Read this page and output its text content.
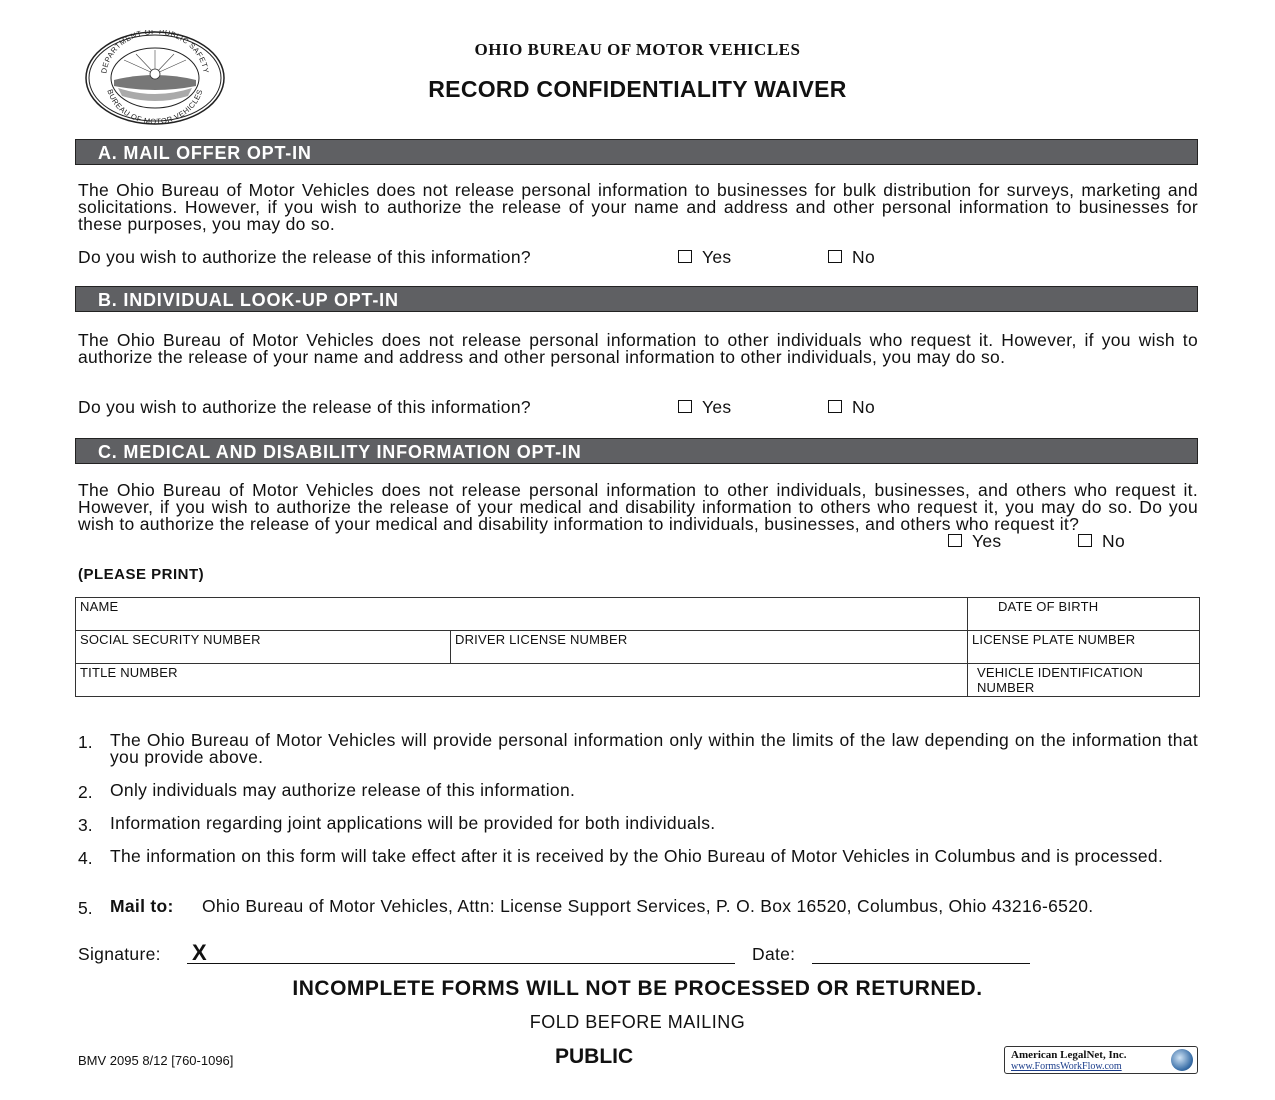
DEPARTMENT OF PUBLIC SAFETY
BUREAU OF MOTOR VEHICLES
OHIO BUREAU OF MOTOR VEHICLES
RECORD CONFIDENTIALITY WAIVER
A. MAIL OFFER OPT-IN
The Ohio Bureau of Motor Vehicles does not release personal information to businesses for bulk distribution for surveys, marketing and solicitations. However, if you wish to authorize the release of your name and address and other personal information to businesses for these purposes, you may do so.
Do you wish to authorize the release of this information?	Yes	No
B. INDIVIDUAL LOOK-UP OPT-IN
The Ohio Bureau of Motor Vehicles does not release personal information to other individuals who request it. However, if you wish to authorize the release of your name and address and other personal information to other individuals, you may do so.
Do you wish to authorize the release of this information?	Yes	No
C. MEDICAL AND DISABILITY INFORMATION OPT-IN
The Ohio Bureau of Motor Vehicles does not release personal information to other individuals, businesses, and others who request it. However, if you wish to authorize the release of your medical and disability information to others who request it, you may do so. Do you wish to authorize the release of your medical and disability information to individuals, businesses, and others who request it?
Yes	No
(PLEASE PRINT)
NAME		DATE OF BIRTH
SOCIAL SECURITY NUMBER	DRIVER LICENSE NUMBER	LICENSE PLATE NUMBER
TITLE NUMBER		VEHICLE IDENTIFICATION NUMBER
1. The Ohio Bureau of Motor Vehicles will provide personal information only within the limits of the law depending on the information that you provide above.
2. Only individuals may authorize release of this information.
3. Information regarding joint applications will be provided for both individuals.
4. The information on this form will take effect after it is received by the Ohio Bureau of Motor Vehicles in Columbus and is processed.
5. Mail to:	Ohio Bureau of Motor Vehicles, Attn: License Support Services, P. O. Box 16520, Columbus, Ohio 43216-6520.
Signature: X	Date:
INCOMPLETE FORMS WILL NOT BE PROCESSED OR RETURNED.
FOLD BEFORE MAILING
PUBLIC
BMV 2095 8/12 [760-1096]	American LegalNet, Inc.
www.FormsWorkFlow.com
